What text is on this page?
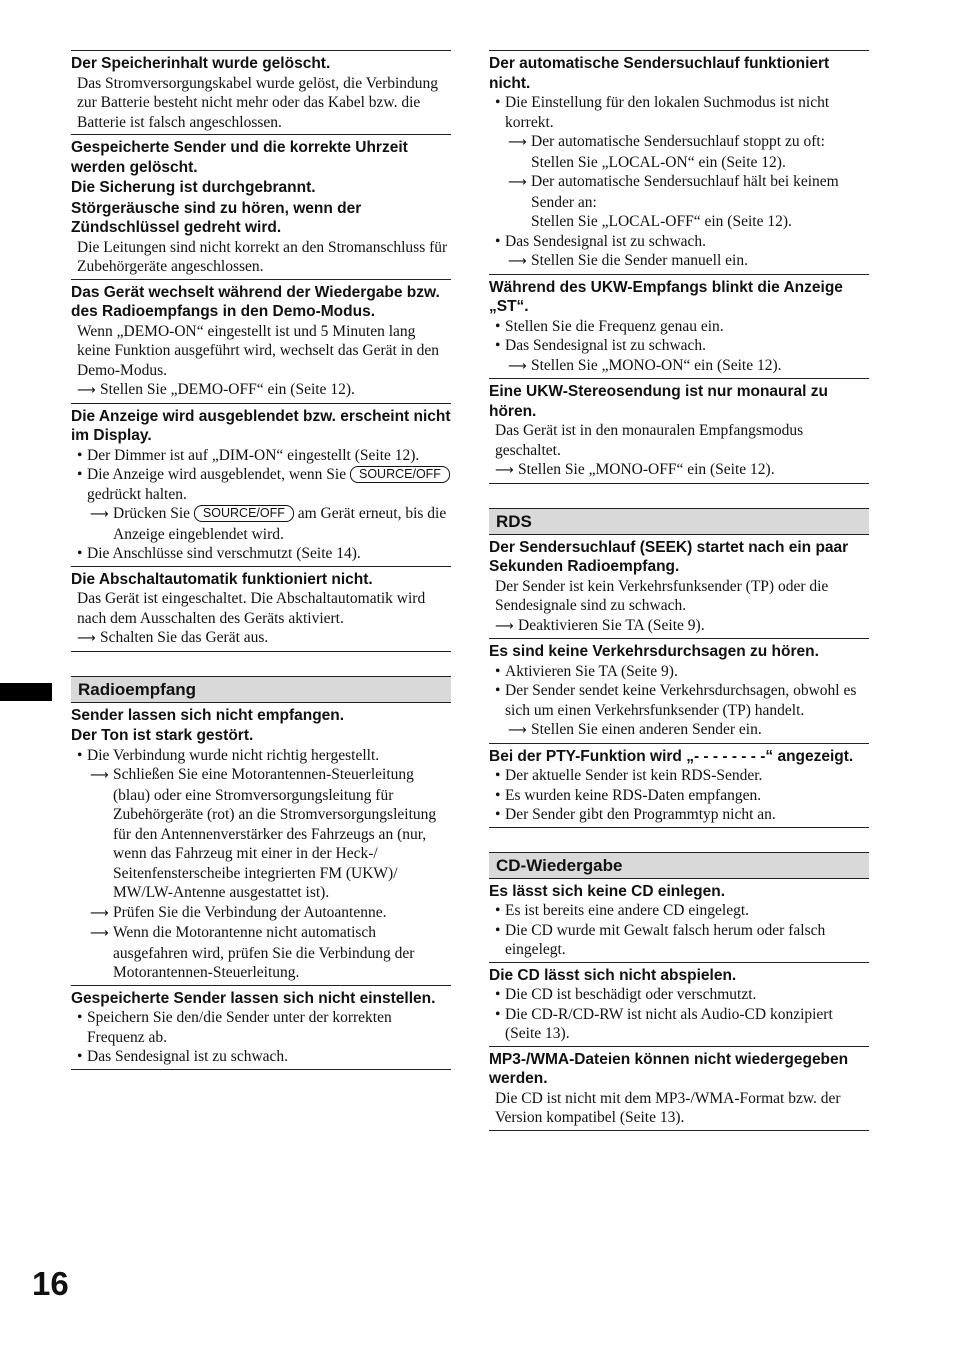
Der Speicherinhalt wurde gelöscht.
Das Stromversorgungskabel wurde gelöst, die Verbindung zur Batterie besteht nicht mehr oder das Kabel bzw. die Batterie ist falsch angeschlossen.
Gespeicherte Sender und die korrekte Uhrzeit werden gelöscht.
Die Sicherung ist durchgebrannt.
Störgeräusche sind zu hören, wenn der Zündschlüssel gedreht wird.
Die Leitungen sind nicht korrekt an den Stromanschluss für Zubehörgeräte angeschlossen.
Das Gerät wechselt während der Wiedergabe bzw. des Radioempfangs in den Demo-Modus.
Wenn „DEMO-ON“ eingestellt ist und 5 Minuten lang keine Funktion ausgeführt wird, wechselt das Gerät in den Demo-Modus.
⟶ Stellen Sie „DEMO-OFF“ ein (Seite 12).
Die Anzeige wird ausgeblendet bzw. erscheint nicht im Display.
• Der Dimmer ist auf „DIM-ON“ eingestellt (Seite 12).
• Die Anzeige wird ausgeblendet, wenn Sie SOURCE/OFF gedrückt halten.
⟶ Drücken Sie SOURCE/OFF am Gerät erneut, bis die Anzeige eingeblendet wird.
• Die Anschlüsse sind verschmutzt (Seite 14).
Die Abschaltautomatik funktioniert nicht.
Das Gerät ist eingeschaltet. Die Abschaltautomatik wird nach dem Ausschalten des Geräts aktiviert.
⟶ Schalten Sie das Gerät aus.
Radioempfang
Sender lassen sich nicht empfangen.
Der Ton ist stark gestört.
• Die Verbindung wurde nicht richtig hergestellt.
⟶ Schließen Sie eine Motorantennen-Steuerleitung (blau) oder eine Stromversorgungsleitung für Zubehörgeräte (rot) an die Stromversorgungsleitung für den Antennenverstärker des Fahrzeugs an (nur, wenn das Fahrzeug mit einer in der Heck-/ Seitenfensterscheibe integrierten FM (UKW)/ MW/LW-Antenne ausgestattet ist).
⟶ Prüfen Sie die Verbindung der Autoantenne.
⟶ Wenn die Motorantenne nicht automatisch ausgefahren wird, prüfen Sie die Verbindung der Motorantennen-Steuerleitung.
Gespeicherte Sender lassen sich nicht einstellen.
• Speichern Sie den/die Sender unter der korrekten Frequenz ab.
• Das Sendesignal ist zu schwach.
Der automatische Sendersuchlauf funktioniert nicht.
• Die Einstellung für den lokalen Suchmodus ist nicht korrekt.
⟶ Der automatische Sendersuchlauf stoppt zu oft:
Stellen Sie „LOCAL-ON“ ein (Seite 12).
⟶ Der automatische Sendersuchlauf hält bei keinem Sender an:
Stellen Sie „LOCAL-OFF“ ein (Seite 12).
• Das Sendesignal ist zu schwach.
⟶ Stellen Sie die Sender manuell ein.
Während des UKW-Empfangs blinkt die Anzeige „ST“.
• Stellen Sie die Frequenz genau ein.
• Das Sendesignal ist zu schwach.
⟶ Stellen Sie „MONO-ON“ ein (Seite 12).
Eine UKW-Stereosendung ist nur monaural zu hören.
Das Gerät ist in den monauralen Empfangsmodus geschaltet.
⟶ Stellen Sie „MONO-OFF“ ein (Seite 12).
RDS
Der Sendersuchlauf (SEEK) startet nach ein paar Sekunden Radioempfang.
Der Sender ist kein Verkehrsfunksender (TP) oder die Sendesignale sind zu schwach.
⟶ Deaktivieren Sie TA (Seite 9).
Es sind keine Verkehrsdurchsagen zu hören.
• Aktivieren Sie TA (Seite 9).
• Der Sender sendet keine Verkehrsdurchsagen, obwohl es sich um einen Verkehrsfunksender (TP) handelt.
⟶ Stellen Sie einen anderen Sender ein.
Bei der PTY-Funktion wird „- - - - - - - -“ angezeigt.
• Der aktuelle Sender ist kein RDS-Sender.
• Es wurden keine RDS-Daten empfangen.
• Der Sender gibt den Programmtyp nicht an.
CD-Wiedergabe
Es lässt sich keine CD einlegen.
• Es ist bereits eine andere CD eingelegt.
• Die CD wurde mit Gewalt falsch herum oder falsch eingelegt.
Die CD lässt sich nicht abspielen.
• Die CD ist beschädigt oder verschmutzt.
• Die CD-R/CD-RW ist nicht als Audio-CD konzipiert (Seite 13).
MP3-/WMA-Dateien können nicht wiedergegeben werden.
Die CD ist nicht mit dem MP3-/WMA-Format bzw. der Version kompatibel (Seite 13).
16
